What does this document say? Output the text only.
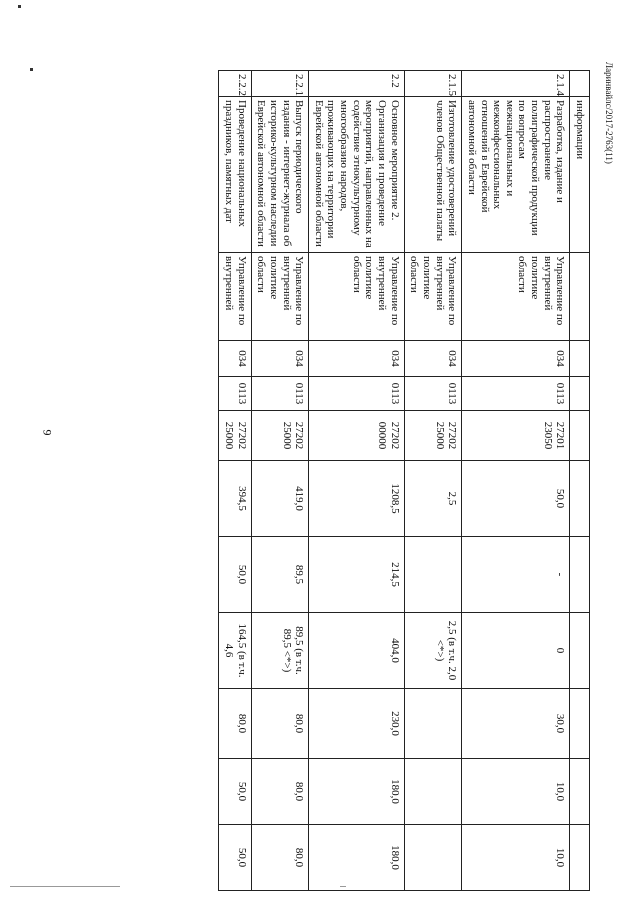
9
Ларинвайлс/2017-2763(11)
	информации										
2.1.4	Разработка, издание и распространение полиграфической продукции по вопросам межнациональных и межконфессиональных отношений в Еврейской автономной области	Управление по внутренней политике области	034	0113	27201 23050	50,0	-	0	30,0	10,0	10,0
2.1.5	Изготовление удостоверений членов Общественной палаты	Управление по внутренней политике области	034	0113	27202 25000	2,5		2,5 (в т.ч. 2,0 <*>)			
2.2	Основное мероприятие 2. Организация и проведение мероприятий, направленных на содействие этнокультурному многообразию народов, проживающих на территории Еврейской автономной области	Управление по внутренней политике области	034	0113	27202 00000	1208,5	214,5	404,0	230,0	180,0	180,0
2.2.1	Выпуск периодического издания - интернет-журнала об историко-культурном наследии Еврейской автономной области	Управление по внутренней политике области	034	0113	27202 25000	419,0	89,5	89,5 (в т.ч. 89,5 <*>)	80,0	80,0	80,0
2.2.2	Проведение национальных праздников, памятных дат	Управление по внутренней	034	0113	27202 25000	394,5	50,0	164,5 (в т.ч. 4,6	80,0	50,0	50,0
